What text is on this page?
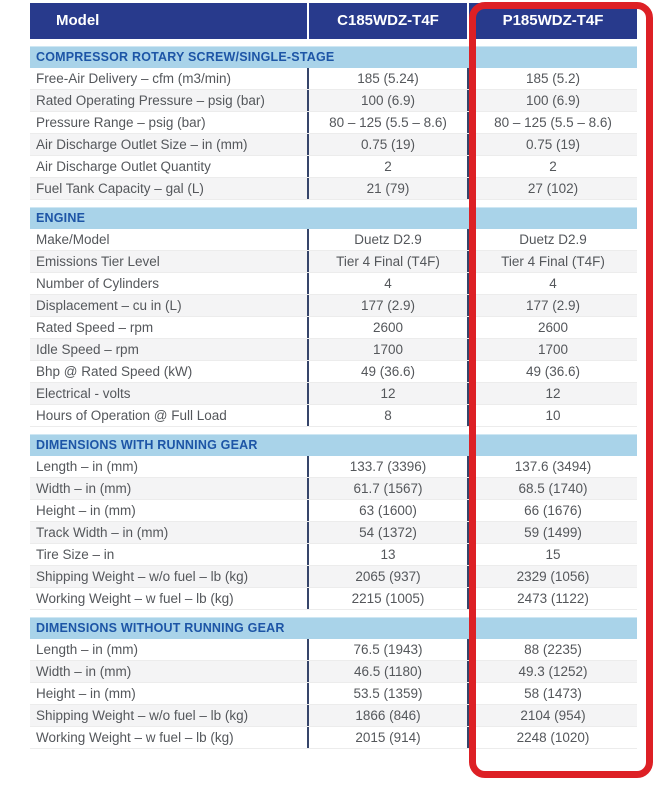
Model	C185WDZ-T4F	P185WDZ-T4F
COMPRESSOR ROTARY SCREW/SINGLE-STAGE
Free-Air Delivery – cfm (m3/min)	185 (5.24)	185 (5.2)
Rated Operating Pressure – psig (bar)	100 (6.9)	100 (6.9)
Pressure Range – psig (bar)	80 – 125 (5.5 – 8.6)	80 – 125 (5.5 – 8.6)
Air Discharge Outlet Size – in (mm)	0.75 (19)	0.75 (19)
Air Discharge Outlet Quantity	2	2
Fuel Tank Capacity – gal (L)	21 (79)	27 (102)
ENGINE
Make/Model	Duetz D2.9	Duetz D2.9
Emissions Tier Level	Tier 4 Final (T4F)	Tier 4 Final (T4F)
Number of Cylinders	4	4
Displacement – cu in (L)	177 (2.9)	177 (2.9)
Rated Speed – rpm	2600	2600
Idle Speed – rpm	1700	1700
Bhp @ Rated Speed (kW)	49 (36.6)	49 (36.6)
Electrical - volts	12	12
Hours of Operation @ Full Load	8	10
DIMENSIONS WITH RUNNING GEAR
Length – in (mm)	133.7 (3396)	137.6 (3494)
Width – in (mm)	61.7 (1567)	68.5 (1740)
Height – in (mm)	63 (1600)	66 (1676)
Track Width – in (mm)	54 (1372)	59 (1499)
Tire Size – in	13	15
Shipping Weight – w/o fuel – lb (kg)	2065 (937)	2329 (1056)
Working Weight – w fuel – lb (kg)	2215 (1005)	2473 (1122)
DIMENSIONS WITHOUT RUNNING GEAR
Length – in (mm)	76.5 (1943)	88 (2235)
Width – in (mm)	46.5 (1180)	49.3 (1252)
Height – in (mm)	53.5 (1359)	58 (1473)
Shipping Weight – w/o fuel – lb (kg)	1866 (846)	2104 (954)
Working Weight – w fuel – lb (kg)	2015 (914)	2248 (1020)
